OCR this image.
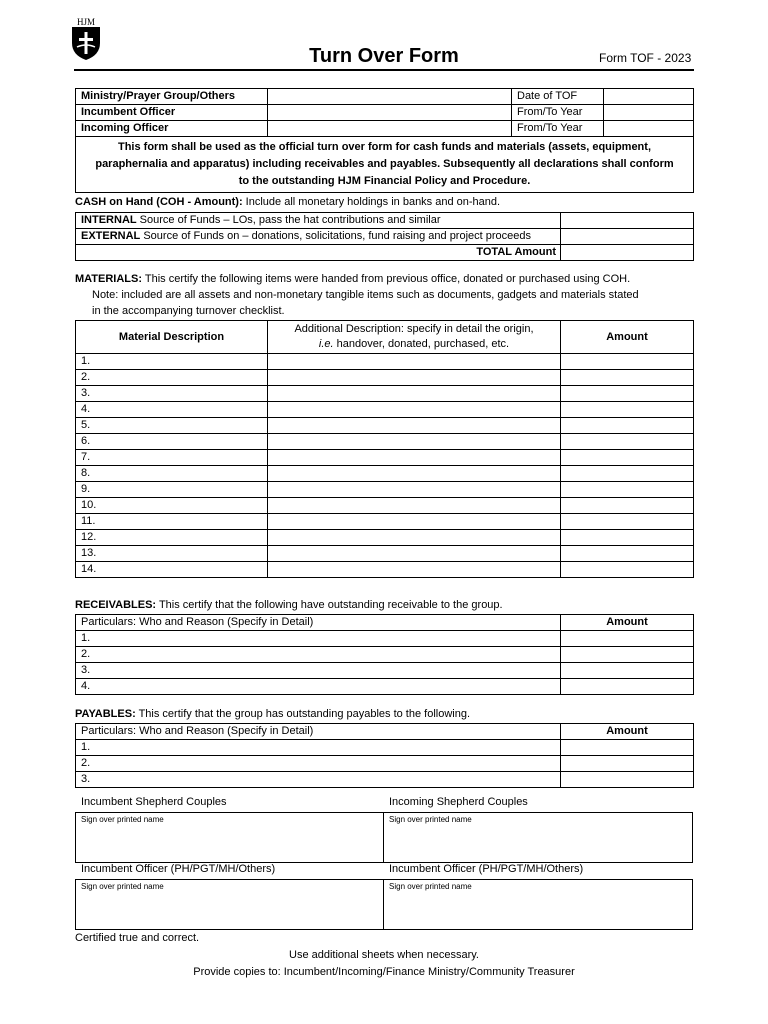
HJM
Turn Over Form	Form TOF - 2023
Ministry/Prayer Group/Others		Date of TOF	
Incumbent Officer		From/To Year	
Incoming Officer		From/To Year	

This form shall be used as the official turn over form for cash funds and materials (assets, equipment,
paraphernalia and apparatus) including receivables and payables. Subsequently all declarations shall conform
to the outstanding HJM Financial Policy and Procedure.			
CASH on Hand (COH - Amount): Include all monetary holdings in banks and on-hand.
INTERNAL Source of Funds – LOs, pass the hat contributions and similar	
EXTERNAL Source of Funds on – donations, solicitations, fund raising and project proceeds	
TOTAL Amount	
MATERIALS: This certify the following items were handed from previous office, donated or purchased using COH.
Note: included are all assets and non-monetary tangible items such as documents, gadgets and materials stated
in the accompanying turnover checklist.
Material Description	Additional Description: specify in detail the origin,
i.e. handover, donated, purchased, etc.	Amount
1.		
2.		
3.		
4.		
5.		
6.		
7.		
8.		
9.		
10.		
11.		
12.		
13.		
14.		
RECEIVABLES: This certify that the following have outstanding receivable to the group.
Particulars: Who and Reason (Specify in Detail)	Amount
1.	
2.	
3.	
4.	
PAYABLES: This certify that the group has outstanding payables to the following.
Particulars: Who and Reason (Specify in Detail)	Amount
1.	
2.	
3.	
Incumbent Shepherd Couples	Incoming Shepherd Couples
Sign over printed name	Sign over printed name
Incumbent Officer (PH/PGT/MH/Others)	Incumbent Officer (PH/PGT/MH/Others)
Sign over printed name	Sign over printed name
Certified true and correct.
Use additional sheets when necessary.
Provide copies to: Incumbent/Incoming/Finance Ministry/Community Treasurer
